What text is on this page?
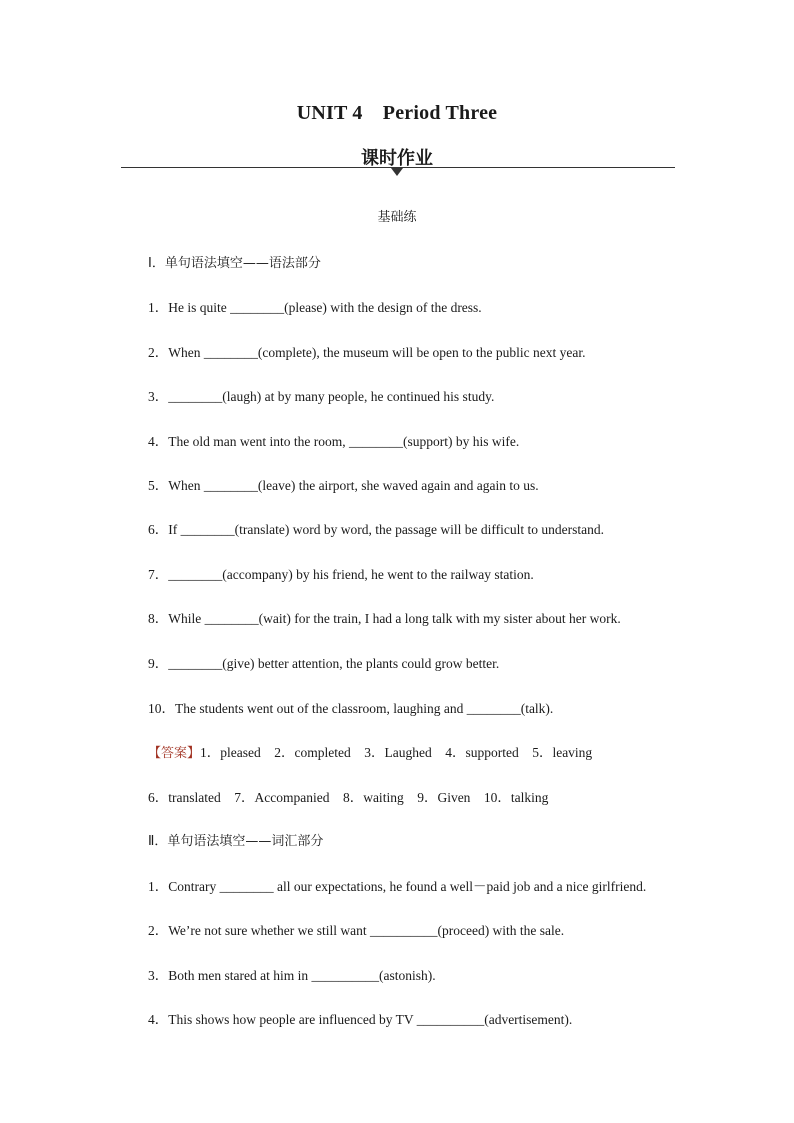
UNIT 4　Period Three
课时作业
基础练
Ⅰ．单句语法填空——语法部分
1．He is quite ________(please) with the design of the dress.
2．When ________(complete), the museum will be open to the public next year.
3．________(laugh) at by many people, he continued his study.
4．The old man went into the room, ________(support) by his wife.
5．When ________(leave) the airport, she waved again and again to us.
6．If ________(translate) word by word, the passage will be difficult to understand.
7．________(accompany) by his friend, he went to the railway station.
8．While ________(wait) for the train, I had a long talk with my sister about her work.
9．________(give) better attention, the plants could grow better.
10．The students went out of the classroom, laughing and ________(talk).
【答案】1．pleased　2．completed　3．Laughed　4．supported　5．leaving
6．translated　7．Accompanied　8．waiting　9．Given　10．talking
Ⅱ．单句语法填空——词汇部分
1．Contrary ________ all our expectations, he found a well－paid job and a nice girlfriend.
2．We’re not sure whether we still want __________(proceed) with the sale.
3．Both men stared at him in __________(astonish).
4．This shows how people are influenced by TV __________(advertisement).
